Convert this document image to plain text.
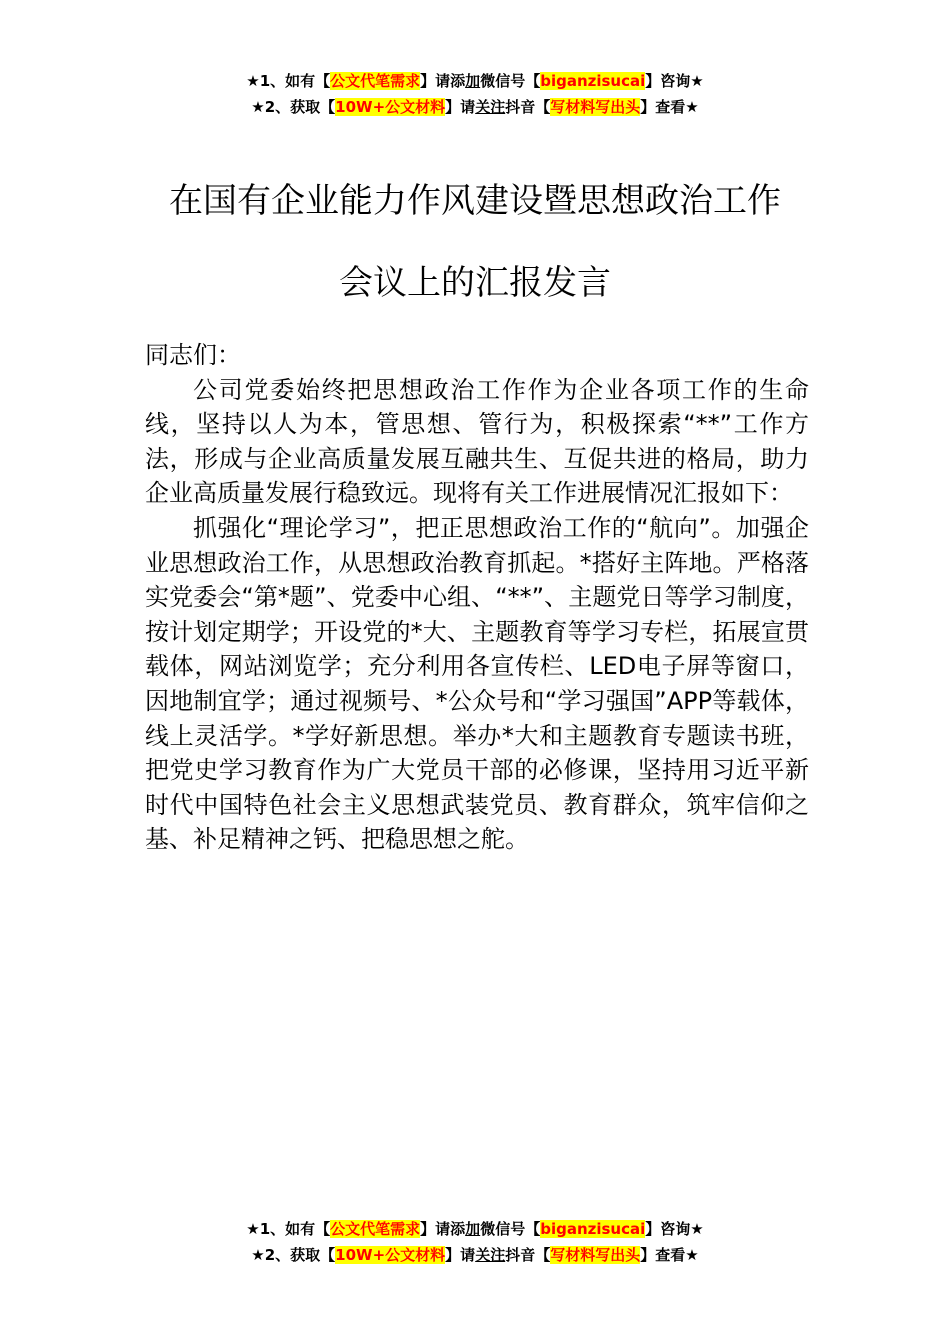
★1、如有【公文代笔需求】请添加微信号【biganzisucai】咨询★
★2、获取【10W+公文材料】请关注抖音【写材料写出头】查看★
在国有企业能力作风建设暨思想政治工作
会议上的汇报发言

同志们：

公司党委始终把思想政治工作作为企业各项工作的生命线，坚持以人为本，管思想、管行为，积极探索“**”工作方法，形成与企业高质量发展互融共生、互促共进的格局，助力企业高质量发展行稳致远。现将有关工作进展情况汇报如下：

抓强化“理论学习”，把正思想政治工作的“航向”。加强企业思想政治工作，从思想政治教育抓起。*搭好主阵地。严格落实党委会“第*题”、党委中心组、“**”、主题党日等学习制度，按计划定期学；开设党的*大、主题教育等学习专栏，拓展宣贯载体，网站浏览学；充分利用各宣传栏、LED电子屏等窗口，因地制宜学；通过视频号、*公众号和“学习强国”APP等载体，线上灵活学。*学好新思想。举办*大和主题教育专题读书班，把党史学习教育作为广大党员干部的必修课，坚持用习近平新时代中国特色社会主义思想武装党员、教育群众，筑牢信仰之基、补足精神之钙、把稳思想之舵。

★1、如有【公文代笔需求】请添加微信号【biganzisucai】咨询★
★2、获取【10W+公文材料】请关注抖音【写材料写出头】查看★
